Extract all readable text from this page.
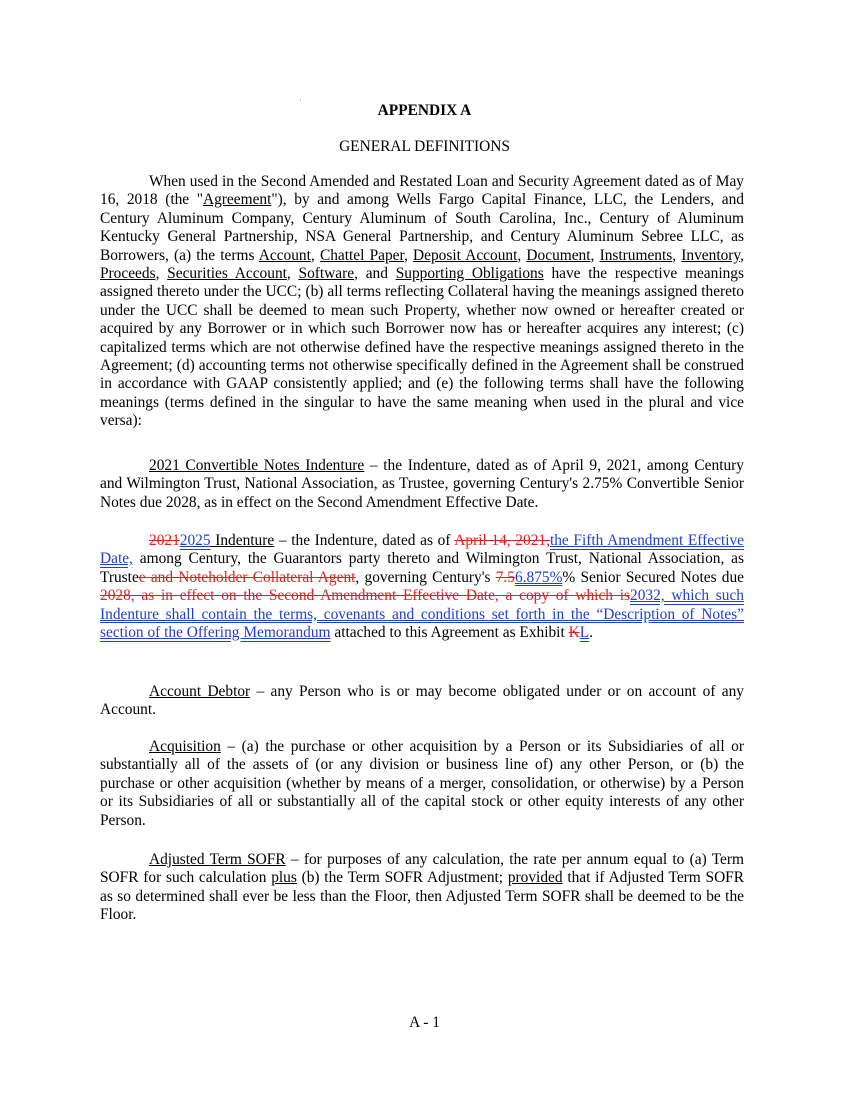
APPENDIX A
GENERAL DEFINITIONS

When used in the Second Amended and Restated Loan and Security Agreement dated as of May 16, 2018 (the "Agreement"), by and among Wells Fargo Capital Finance, LLC, the Lenders, and Century Aluminum Company, Century Aluminum of South Carolina, Inc., Century of Aluminum Kentucky General Partnership, NSA General Partnership, and Century Aluminum Sebree LLC, as Borrowers, (a) the terms Account, Chattel Paper, Deposit Account, Document, Instruments, Inventory, Proceeds, Securities Account, Software, and Supporting Obligations have the respective meanings assigned thereto under the UCC; (b) all terms reflecting Collateral having the meanings assigned thereto under the UCC shall be deemed to mean such Property, whether now owned or hereafter created or acquired by any Borrower or in which such Borrower now has or hereafter acquires any interest; (c) capitalized terms which are not otherwise defined have the respective meanings assigned thereto in the Agreement; (d) accounting terms not otherwise specifically defined in the Agreement shall be construed in accordance with GAAP consistently applied; and (e) the following terms shall have the following meanings (terms defined in the singular to have the same meaning when used in the plural and vice versa):

2021 Convertible Notes Indenture – the Indenture, dated as of April 9, 2021, among Century and Wilmington Trust, National Association, as Trustee, governing Century's 2.75% Convertible Senior Notes due 2028, as in effect on the Second Amendment Effective Date.

20212025 Indenture – the Indenture, dated as of April 14, 2021,the Fifth Amendment Effective Date, among Century, the Guarantors party thereto and Wilmington Trust, National Association, as Trustee and Noteholder Collateral Agent, governing Century's 7.56.875%% Senior Secured Notes due 2028, as in effect on the Second Amendment Effective Date, a copy of which is2032, which such Indenture shall contain the terms, covenants and conditions set forth in the “Description of Notes” section of the Offering Memorandum attached to this Agreement as Exhibit KL.

Account Debtor – any Person who is or may become obligated under or on account of any Account.

Acquisition – (a) the purchase or other acquisition by a Person or its Subsidiaries of all or substantially all of the assets of (or any division or business line of) any other Person, or (b) the purchase or other acquisition (whether by means of a merger, consolidation, or otherwise) by a Person or its Subsidiaries of all or substantially all of the capital stock or other equity interests of any other Person.

Adjusted Term SOFR – for purposes of any calculation, the rate per annum equal to (a) Term SOFR for such calculation plus (b) the Term SOFR Adjustment; provided that if Adjusted Term SOFR as so determined shall ever be less than the Floor, then Adjusted Term SOFR shall be deemed to be the Floor.

A - 1
